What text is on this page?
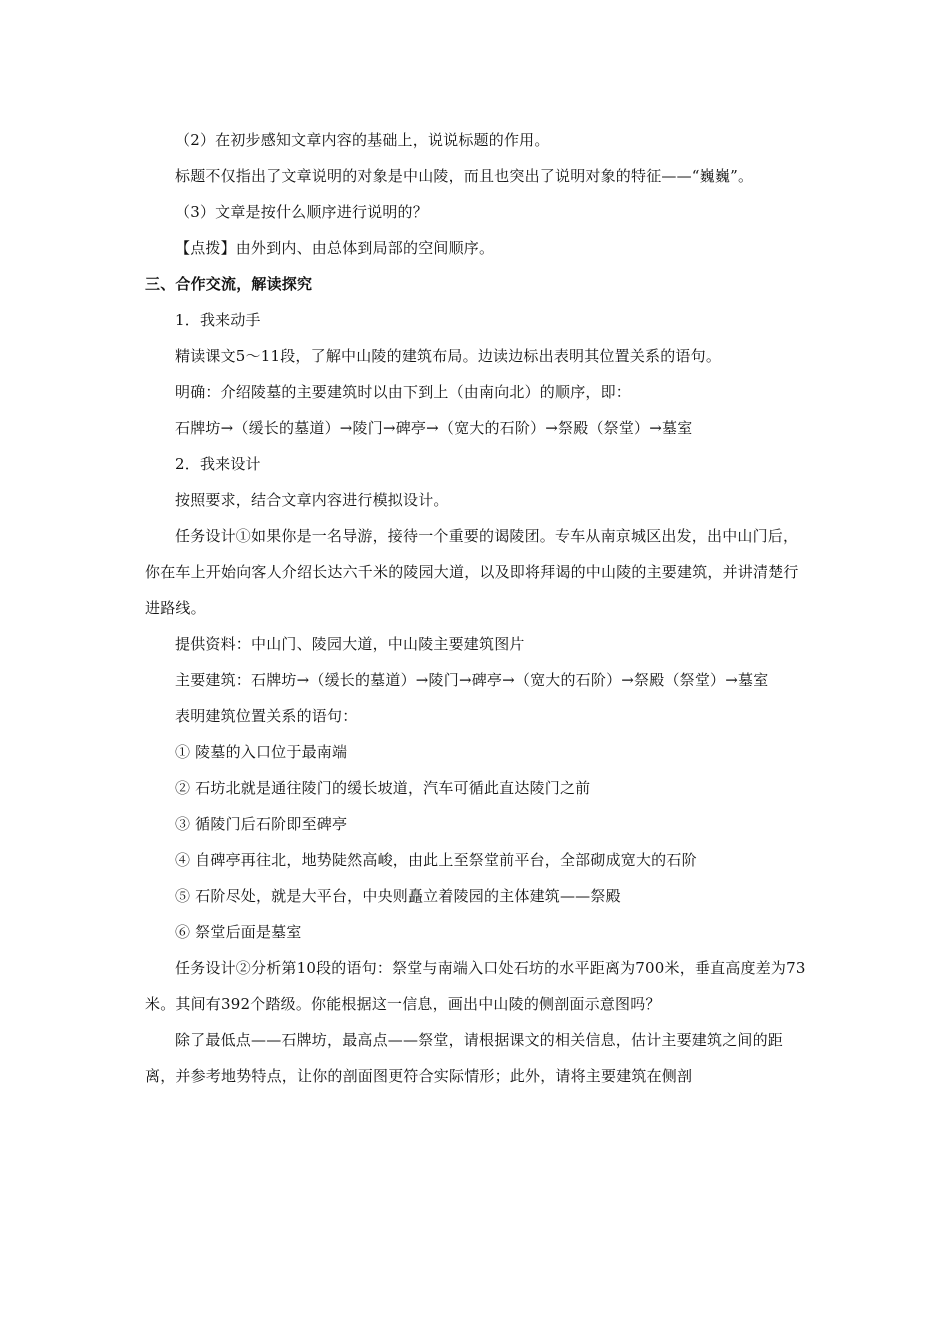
（2）在初步感知文章内容的基础上，说说标题的作用。

标题不仅指出了文章说明的对象是中山陵，而且也突出了说明对象的特征——“巍巍”。

（3）文章是按什么顺序进行说明的？

【点拨】由外到内、由总体到局部的空间顺序。

三、合作交流，解读探究

1．我来动手

精读课文5～11段，了解中山陵的建筑布局。边读边标出表明其位置关系的语句。

明确：介绍陵墓的主要建筑时以由下到上（由南向北）的顺序，即：

石牌坊→（缓长的墓道）→陵门→碑亭→（宽大的石阶）→祭殿（祭堂）→墓室

2．我来设计

按照要求，结合文章内容进行模拟设计。

任务设计①如果你是一名导游，接待一个重要的谒陵团。专车从南京城区出发，出中山门后，你在车上开始向客人介绍长达六千米的陵园大道，以及即将拜谒的中山陵的主要建筑，并讲清楚行进路线。

提供资料：中山门、陵园大道，中山陵主要建筑图片

主要建筑：石牌坊→（缓长的墓道）→陵门→碑亭→（宽大的石阶）→祭殿（祭堂）→墓室

表明建筑位置关系的语句：

① 陵墓的入口位于最南端

② 石坊北就是通往陵门的缓长坡道，汽车可循此直达陵门之前

③ 循陵门后石阶即至碑亭

④ 自碑亭再往北，地势陡然高峻，由此上至祭堂前平台，全部砌成宽大的石阶

⑤ 石阶尽处，就是大平台，中央则矗立着陵园的主体建筑——祭殿

⑥ 祭堂后面是墓室

任务设计②分析第10段的语句：祭堂与南端入口处石坊的水平距离为700米，垂直高度差为73米。其间有392个踏级。你能根据这一信息，画出中山陵的侧剖面示意图吗？

除了最低点——石牌坊，最高点——祭堂，请根据课文的相关信息，估计主要建筑之间的距离，并参考地势特点，让你的剖面图更符合实际情形；此外，请将主要建筑在侧剖
